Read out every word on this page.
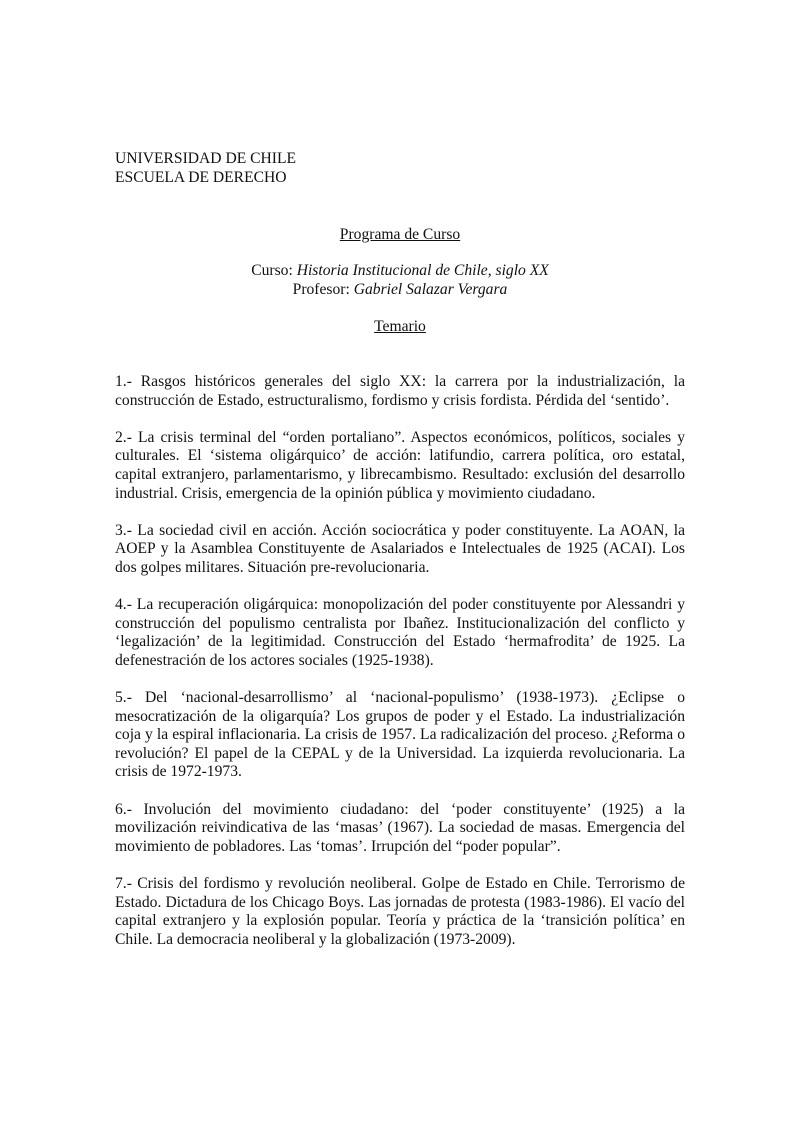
UNIVERSIDAD DE CHILE
ESCUELA DE DERECHO
Programa de Curso
Curso: Historia Institucional de Chile, siglo XX
Profesor: Gabriel Salazar Vergara
Temario

1.- Rasgos históricos generales del siglo XX: la carrera por la industrialización, la construcción de Estado, estructuralismo, fordismo y crisis fordista. Pérdida del ‘sentido’.

2.- La crisis terminal del “orden portaliano”. Aspectos económicos, políticos, sociales y culturales. El ‘sistema oligárquico’ de acción: latifundio, carrera política, oro estatal, capital extranjero, parlamentarismo, y librecambismo. Resultado: exclusión del desarrollo industrial. Crisis, emergencia de la opinión pública y movimiento ciudadano.

3.- La sociedad civil en acción. Acción sociocrática y poder constituyente. La AOAN, la AOEP y la Asamblea Constituyente de Asalariados e Intelectuales de 1925 (ACAI). Los dos golpes militares. Situación pre-revolucionaria.

4.- La recuperación oligárquica: monopolización del poder constituyente por Alessandri y construcción del populismo centralista por Ibañez. Institucionalización del conflicto y ‘legalización’ de la legitimidad. Construcción del Estado ‘hermafrodita’ de 1925. La defenestración de los actores sociales (1925-1938).

5.- Del ‘nacional-desarrollismo’ al ‘nacional-populismo’ (1938-1973). ¿Eclipse o mesocratización de la oligarquía? Los grupos de poder y el Estado. La industrialización coja y la espiral inflacionaria. La crisis de 1957. La radicalización del proceso. ¿Reforma o revolución? El papel de la CEPAL y de la Universidad. La izquierda revolucionaria. La crisis de 1972-1973.

6.- Involución del movimiento ciudadano: del ‘poder constituyente’ (1925) a la movilización reivindicativa de las ‘masas’ (1967). La sociedad de masas. Emergencia del movimiento de pobladores. Las ‘tomas’. Irrupción del “poder popular”.

7.- Crisis del fordismo y revolución neoliberal. Golpe de Estado en Chile. Terrorismo de Estado. Dictadura de los Chicago Boys. Las jornadas de protesta (1983-1986). El vacío del capital extranjero y la explosión popular. Teoría y práctica de la ‘transición política’ en Chile. La democracia neoliberal y la globalización (1973-2009).
